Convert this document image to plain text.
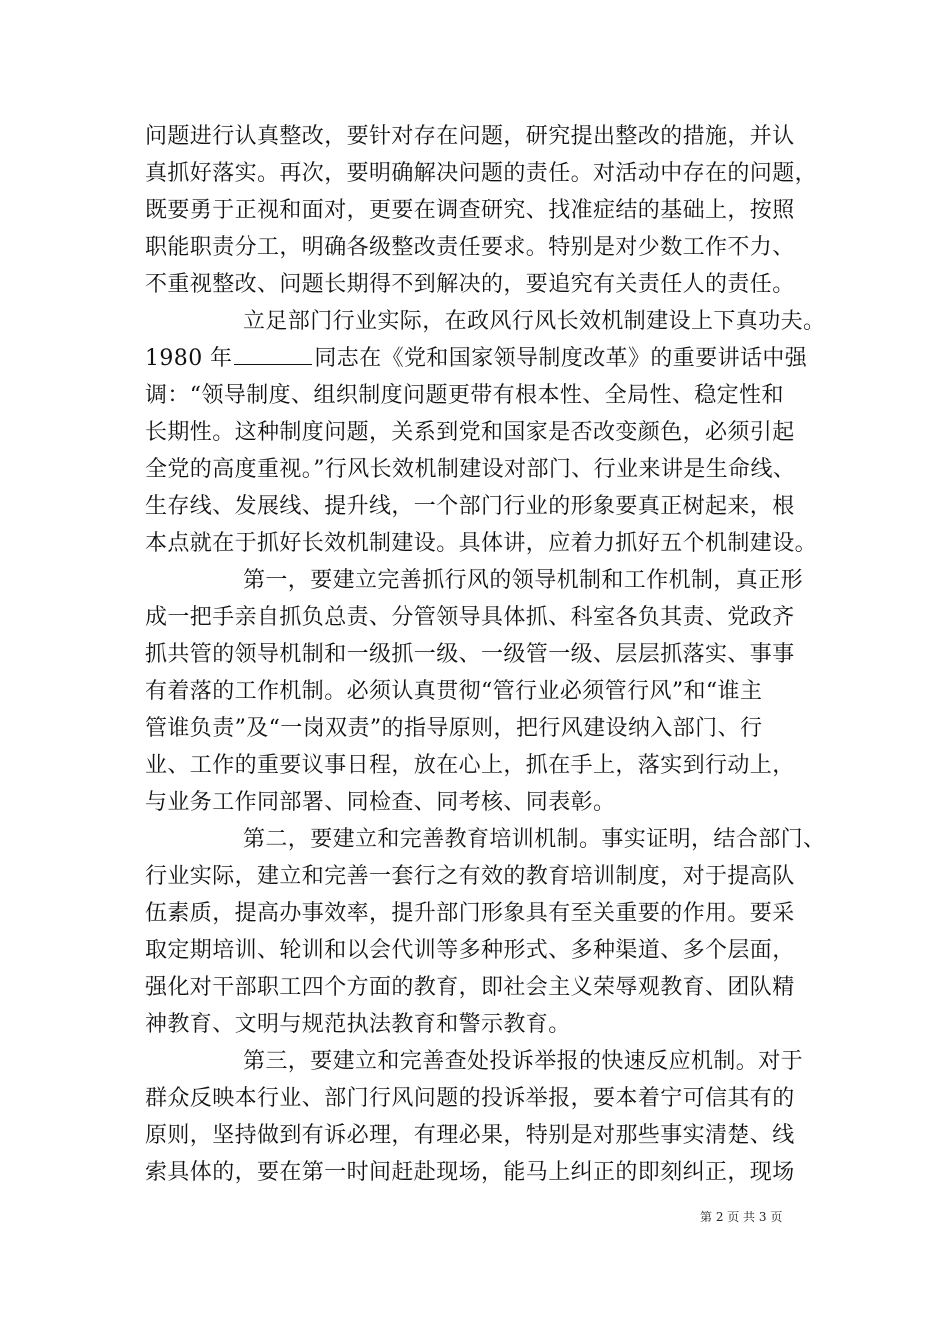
问题进行认真整改，要针对存在问题，研究提出整改的措施，并认
真抓好落实。再次，要明确解决问题的责任。对活动中存在的问题，
既要勇于正视和面对，更要在调查研究、找准症结的基础上，按照
职能职责分工，明确各级整改责任要求。特别是对少数工作不力、
不重视整改、问题长期得不到解决的，要追究有关责任人的责任。
立足部门行业实际，在政风行风长效机制建设上下真功夫。
1980 年	同志在《党和国家领导制度改革》的重要讲话中强
调：“领导制度、组织制度问题更带有根本性、全局性、稳定性和
长期性。这种制度问题，关系到党和国家是否改变颜色，必须引起
全党的高度重视。”行风长效机制建设对部门、行业来讲是生命线、
生存线、发展线、提升线，一个部门行业的形象要真正树起来，根
本点就在于抓好长效机制建设。具体讲，应着力抓好五个机制建设。
第一，要建立完善抓行风的领导机制和工作机制，真正形
成一把手亲自抓负总责、分管领导具体抓、科室各负其责、党政齐
抓共管的领导机制和一级抓一级、一级管一级、层层抓落实、事事
有着落的工作机制。必须认真贯彻“管行业必须管行风”和“谁主
管谁负责”及“一岗双责”的指导原则，把行风建设纳入部门、行
业、工作的重要议事日程，放在心上，抓在手上，落实到行动上，
与业务工作同部署、同检查、同考核、同表彰。
第二，要建立和完善教育培训机制。事实证明，结合部门、
行业实际，建立和完善一套行之有效的教育培训制度，对于提高队
伍素质，提高办事效率，提升部门形象具有至关重要的作用。要采
取定期培训、轮训和以会代训等多种形式、多种渠道、多个层面，
强化对干部职工四个方面的教育，即社会主义荣辱观教育、团队精
神教育、文明与规范执法教育和警示教育。
第三，要建立和完善查处投诉举报的快速反应机制。对于
群众反映本行业、部门行风问题的投诉举报，要本着宁可信其有的
原则，坚持做到有诉必理，有理必果，特别是对那些事实清楚、线
索具体的，要在第一时间赶赴现场，能马上纠正的即刻纠正，现场
第 2 页 共 3 页
